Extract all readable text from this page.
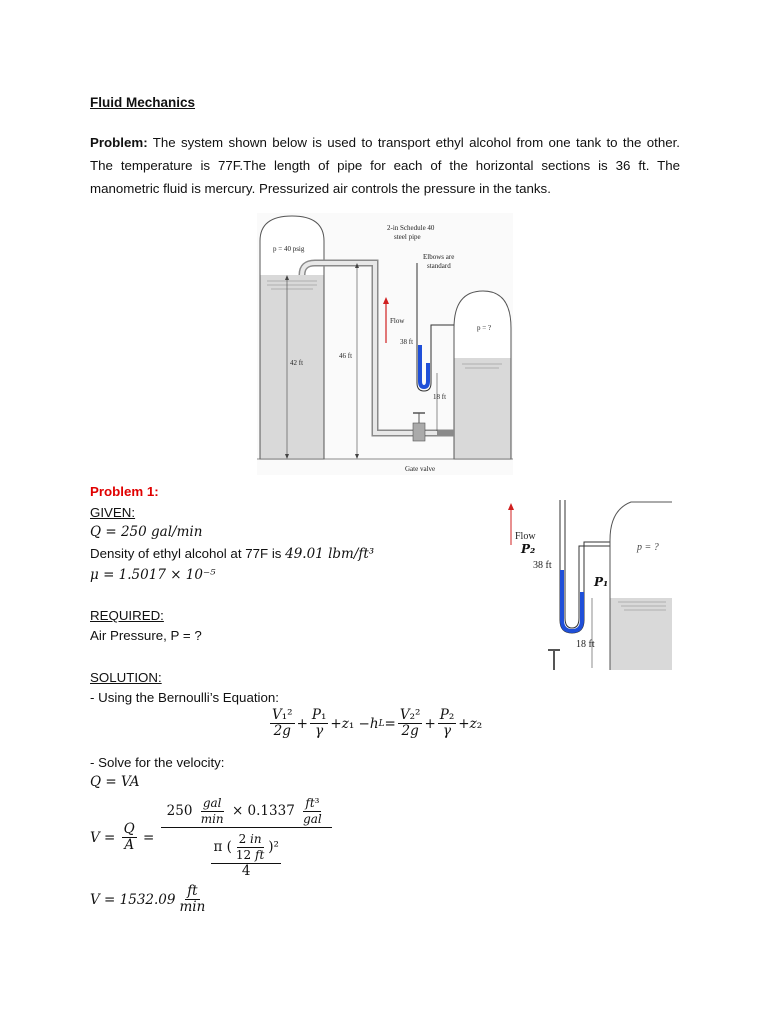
Fluid Mechanics
Problem: The system shown below is used to transport ethyl alcohol from one tank to the other. The temperature is 77F.The length of pipe for each of the horizontal sections is 36 ft. The manometric fluid is mercury. Pressurized air controls the pressure in the tanks.
p = 40 psig
2-in Schedule 40
steel pipe
Elbows are
standard
Flow
p = ?
42 ft
46 ft
38 ft
18 ft
Gate valve
Problem 1:
GIVEN:
Q = 250 gal/min
Density of ethyl alcohol at 77F is 49.01 lbm/ft³
μ = 1.5017 × 10⁻⁵
REQUIRED:
Air Pressure, P = ?
SOLUTION:
- Using the Bernoulli’s Equation:
Flow
P₂
38 ft
P₁
18 ft
p = ?
$\frac{\text{V₁²}}{2g} + \frac{\text{P₁}}{\gamma} + z$ ₁ − h $L = \frac{\text{V₂²}}{2g} + \frac{\text{P₂}}{\gamma} + z$ ₂
- Solve for the velocity:
Q = VA
$V = \frac{Q}{A} = \frac{250 \frac{\text{gal}}{\min} \times 0.1337 \frac{\text{ft³}}{\text{gal}}}{\frac{\pi ( \frac{2 in}{12 ft} )^2}{4}}$
$V = 1532.09 \frac{ft}{\min}$
